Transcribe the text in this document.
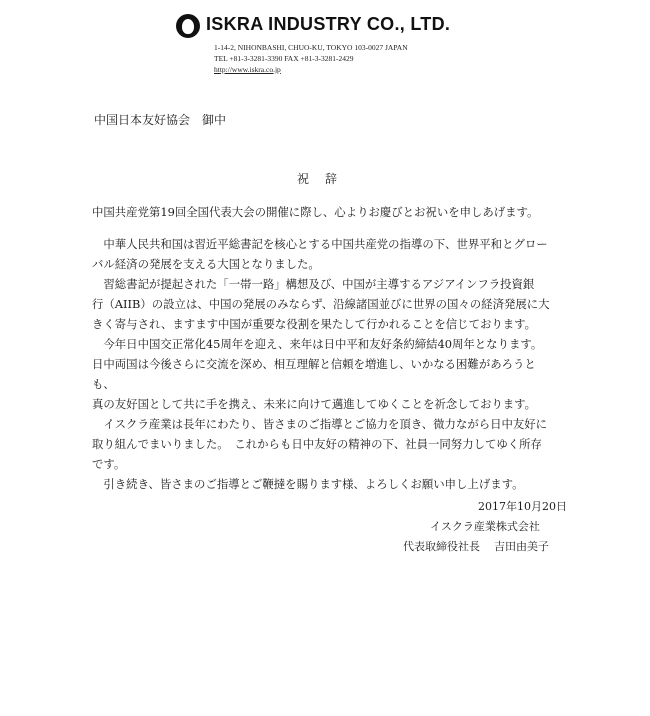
ISKRA INDUSTRY CO., LTD.
1-14-2, NIHONBASHI, CHUO-KU, TOKYO 103-0027 JAPAN
TEL +81-3-3281-3390 FAX +81-3-3281-2429
http://www.iskra.co.jp
中国日本友好協会　御中
祝　辞

中国共産党第19回全国代表大会の開催に際し、心よりお慶びとお祝いを申しあげます。

　中華人民共和国は習近平総書記を核心とする中国共産党の指導の下、世界平和とグロー
バル経済の発展を支える大国となりました。
　習総書記が提起された「一帯一路」構想及び、中国が主導するアジアインフラ投資銀
行（AIIB）の設立は、中国の発展のみならず、沿線諸国並びに世界の国々の経済発展に大
きく寄与され、ますます中国が重要な役割を果たして行かれることを信じております。
　今年日中国交正常化45周年を迎え、来年は日中平和友好条約締結40周年となります。
日中両国は今後さらに交流を深め、相互理解と信頼を増進し、いかなる困難があろうとも、
真の友好国として共に手を携え、未来に向けて邁進してゆくことを祈念しております。
　イスクラ産業は長年にわたり、皆さまのご指導とご協力を頂き、微力ながら日中友好に
取り組んでまいりました。　これからも日中友好の精神の下、社員一同努力してゆく所存
です。
　引き続き、皆さまのご指導とご鞭撻を賜ります様、よろしくお願い申し上げます。

2017年10月20日
イスクラ産業株式会社
代表取締役社長 吉田由美子
